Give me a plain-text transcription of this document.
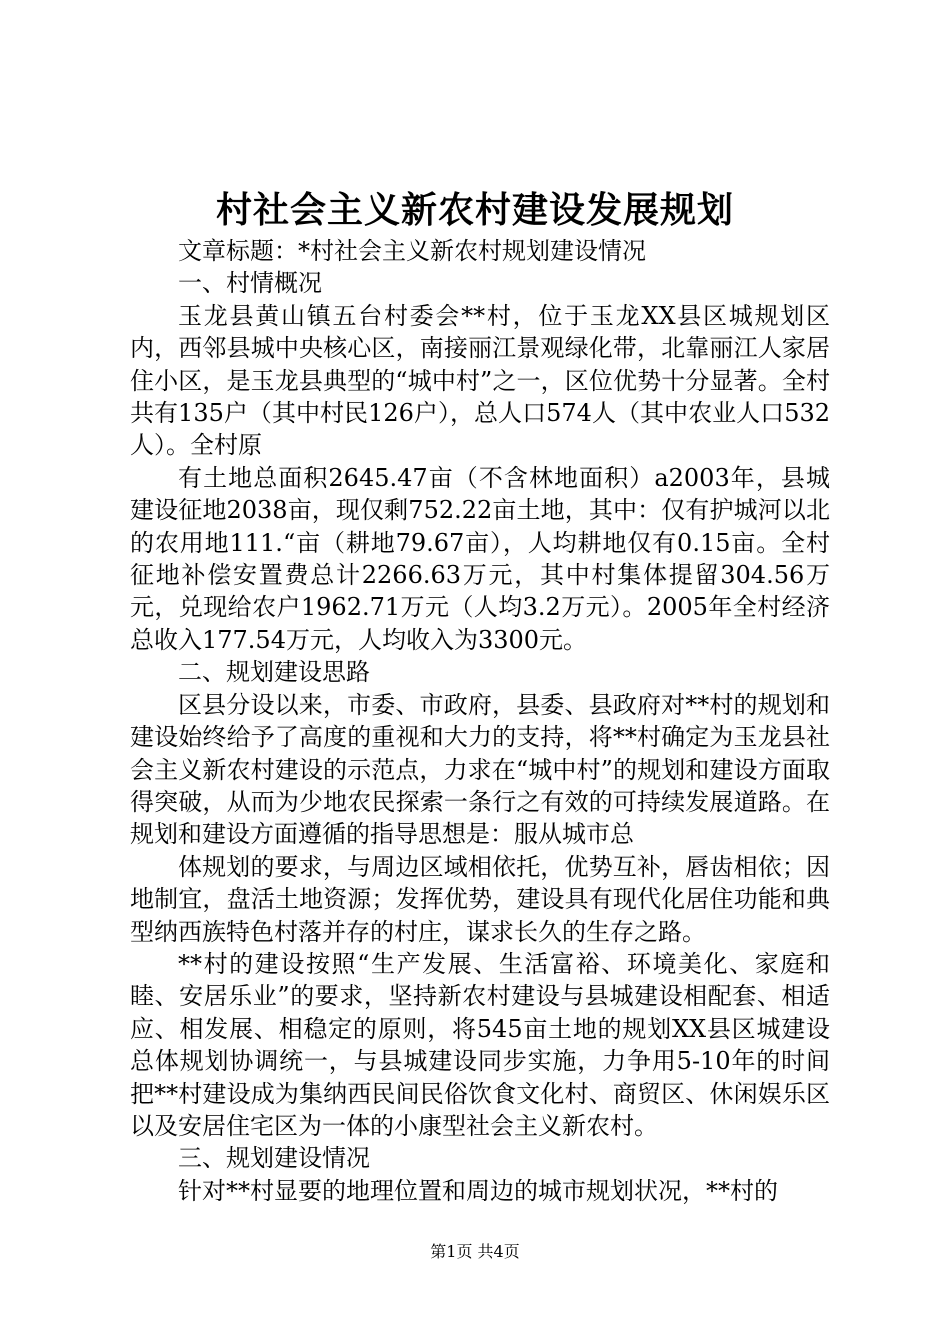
村社会主义新农村建设发展规划

文章标题：*村社会主义新农村规划建设情况

一、村情概况

玉龙县黄山镇五台村委会**村，位于玉龙XX县区城规划区内，西邻县城中央核心区，南接丽江景观绿化带，北靠丽江人家居住小区，是玉龙县典型的“城中村”之一，区位优势十分显著。全村共有135户（其中村民126户），总人口574人（其中农业人口532人）。全村原

有土地总面积2645.47亩（不含林地面积）a2003年，县城建设征地2038亩，现仅剩752.22亩土地，其中：仅有护城河以北的农用地111.“亩（耕地79.67亩），人均耕地仅有0.15亩。全村征地补偿安置费总计2266.63万元，其中村集体提留304.56万元，兑现给农户1962.71万元（人均3.2万元）。2005年全村经济总收入177.54万元，人均收入为3300元。

二、规划建设思路

区县分设以来，市委、市政府，县委、县政府对**村的规划和建设始终给予了高度的重视和大力的支持，将**村确定为玉龙县社会主义新农村建设的示范点，力求在“城中村”的规划和建设方面取得突破，从而为少地农民探索一条行之有效的可持续发展道路。在规划和建设方面遵循的指导思想是：服从城市总

体规划的要求，与周边区域相依托，优势互补，唇齿相依；因地制宜，盘活土地资源；发挥优势，建设具有现代化居住功能和典型纳西族特色村落并存的村庄，谋求长久的生存之路。

**村的建设按照“生产发展、生活富裕、环境美化、家庭和睦、安居乐业”的要求，坚持新农村建设与县城建设相配套、相适应、相发展、相稳定的原则，将545亩土地的规划XX县区城建设总体规划协调统一，与县城建设同步实施，力争用5-10年的时间把**村建设成为集纳西民间民俗饮食文化村、商贸区、休闲娱乐区以及安居住宅区为一体的小康型社会主义新农村。

三、规划建设情况

针对**村显要的地理位置和周边的城市规划状况，**村的

第1页 共4页
